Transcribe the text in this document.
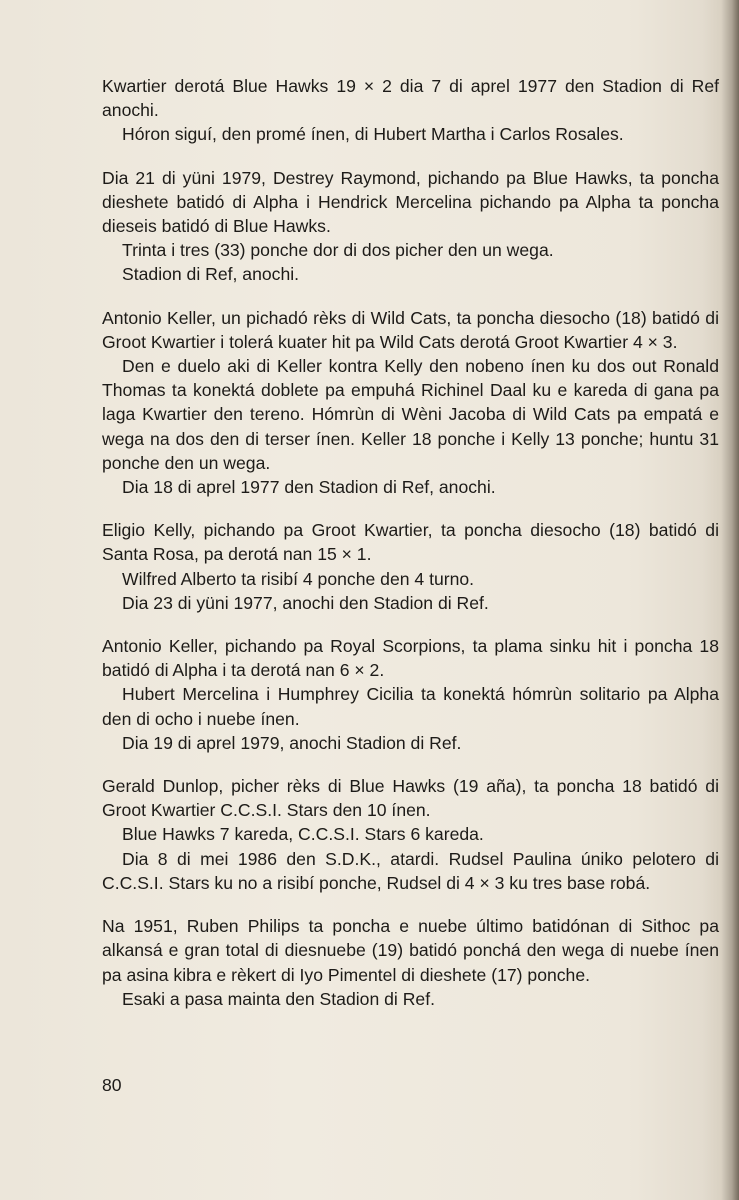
Kwartier derotá Blue Hawks 19 × 2 dia 7 di aprel 1977 den Stadion di Ref anochi.

Hóron siguí, den promé ínen, di Hubert Martha i Carlos Rosales.

Dia 21 di yüni 1979, Destrey Raymond, pichando pa Blue Hawks, ta poncha dieshete batidó di Alpha i Hendrick Mercelina pichando pa Alpha ta poncha dieseis batidó di Blue Hawks.

Trinta i tres (33) ponche dor di dos picher den un wega.

Stadion di Ref, anochi.

Antonio Keller, un pichadó rèks di Wild Cats, ta poncha diesocho (18) batidó di Groot Kwartier i tolerá kuater hit pa Wild Cats derotá Groot Kwartier 4 × 3.

Den e duelo aki di Keller kontra Kelly den nobeno ínen ku dos out Ronald Thomas ta konektá doblete pa empuhá Richinel Daal ku e kareda di gana pa laga Kwartier den tereno. Hómrùn di Wèni Jacoba di Wild Cats pa empatá e wega na dos den di terser ínen. Keller 18 ponche i Kelly 13 ponche; huntu 31 ponche den un wega.

Dia 18 di aprel 1977 den Stadion di Ref, anochi.

Eligio Kelly, pichando pa Groot Kwartier, ta poncha diesocho (18) batidó di Santa Rosa, pa derotá nan 15 × 1.

Wilfred Alberto ta risibí 4 ponche den 4 turno.

Dia 23 di yüni 1977, anochi den Stadion di Ref.

Antonio Keller, pichando pa Royal Scorpions, ta plama sinku hit i poncha 18 batidó di Alpha i ta derotá nan 6 × 2.

Hubert Mercelina i Humphrey Cicilia ta konektá hómrùn solitario pa Alpha den di ocho i nuebe ínen.

Dia 19 di aprel 1979, anochi Stadion di Ref.

Gerald Dunlop, picher rèks di Blue Hawks (19 aña), ta poncha 18 batidó di Groot Kwartier C.C.S.I. Stars den 10 ínen.

Blue Hawks 7 kareda, C.C.S.I. Stars 6 kareda.

Dia 8 di mei 1986 den S.D.K., atardi. Rudsel Paulina úniko pelotero di C.C.S.I. Stars ku no a risibí ponche, Rudsel di 4 × 3 ku tres base robá.

Na 1951, Ruben Philips ta poncha e nuebe último batidónan di Sithoc pa alkansá e gran total di diesnuebe (19) batidó ponchá den wega di nuebe ínen pa asina kibra e rèkert di Iyo Pimentel di dieshete (17) ponche.

Esaki a pasa mainta den Stadion di Ref.

80
